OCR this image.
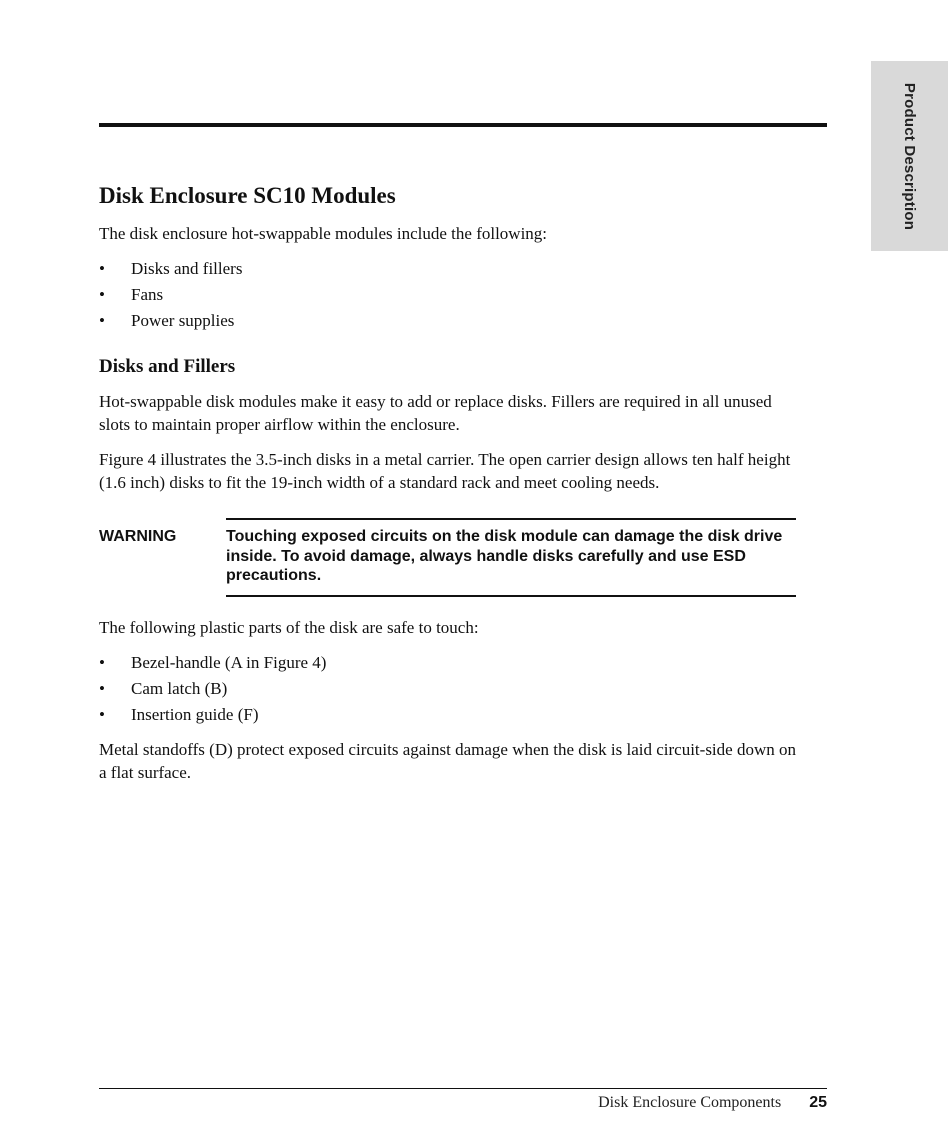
Product Description
Disk Enclosure SC10 Modules

The disk enclosure hot-swappable modules include the following:

• Disks and fillers
• Fans
• Power supplies
Disks and Fillers

Hot-swappable disk modules make it easy to add or replace disks. Fillers are required in all unused slots to maintain proper airflow within the enclosure.

Figure 4 illustrates the 3.5-inch disks in a metal carrier. The open carrier design allows ten half height (1.6 inch) disks to fit the 19-inch width of a standard rack and meet cooling needs.

WARNING	Touching exposed circuits on the disk module can damage the disk drive inside. To avoid damage, always handle disks carefully and use ESD precautions.

The following plastic parts of the disk are safe to touch:

• Bezel-handle (A in Figure 4)
• Cam latch (B)
• Insertion guide (F)

Metal standoffs (D) protect exposed circuits against damage when the disk is laid circuit-side down on a flat surface.

Disk Enclosure Components 25
